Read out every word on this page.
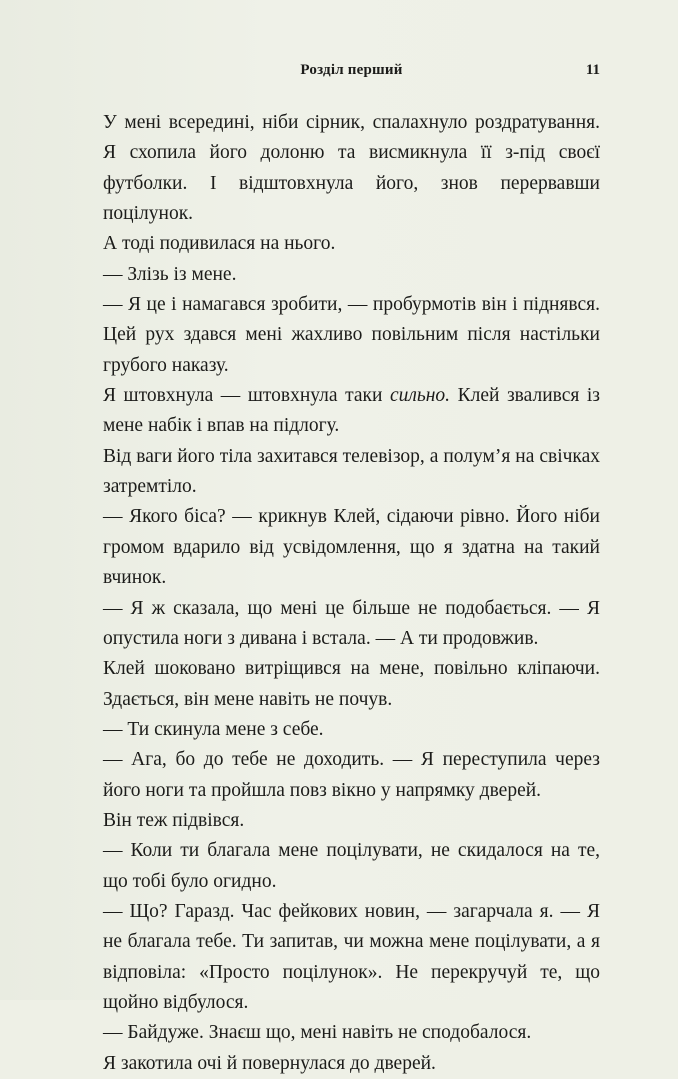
Розділ перший	11

У мені всередині, ніби сірник, спалахнуло роздратування. Я схопила його долоню та висмикнула її з-під своєї футболки. І відштовхнула його, знов перервавши поцілунок.

А тоді подивилася на нього.

— Злізь із мене.

— Я це і намагався зробити, — пробурмотів він і піднявся. Цей рух здався мені жахливо повільним після настільки грубого наказу.

Я штовхнула — штовхнула таки сильно. Клей звалився із мене набік і впав на підлогу.

Від ваги його тіла захитався телевізор, а полум’я на свічках затремтіло.

— Якого біса? — крикнув Клей, сідаючи рівно. Його ніби громом вдарило від усвідомлення, що я здатна на такий вчинок.

— Я ж сказала, що мені це більше не подобається. — Я опустила ноги з дивана і встала. — А ти продовжив.

Клей шоковано витріщився на мене, повільно кліпаючи. Здається, він мене навіть не почув.

— Ти скинула мене з себе.

— Ага, бо до тебе не доходить. — Я переступила через його ноги та пройшла повз вікно у напрямку дверей.

Він теж підвівся.

— Коли ти благала мене поцілувати, не скидалося на те, що тобі було огидно.

— Що? Гаразд. Час фейкових новин, — загарчала я. — Я не благала тебе. Ти запитав, чи можна мене поцілувати, а я відповіла: «Просто поцілунок». Не перекручуй те, що щойно відбулося.

— Байдуже. Знаєш що, мені навіть не сподобалося.

Я закотила очі й повернулася до дверей.
